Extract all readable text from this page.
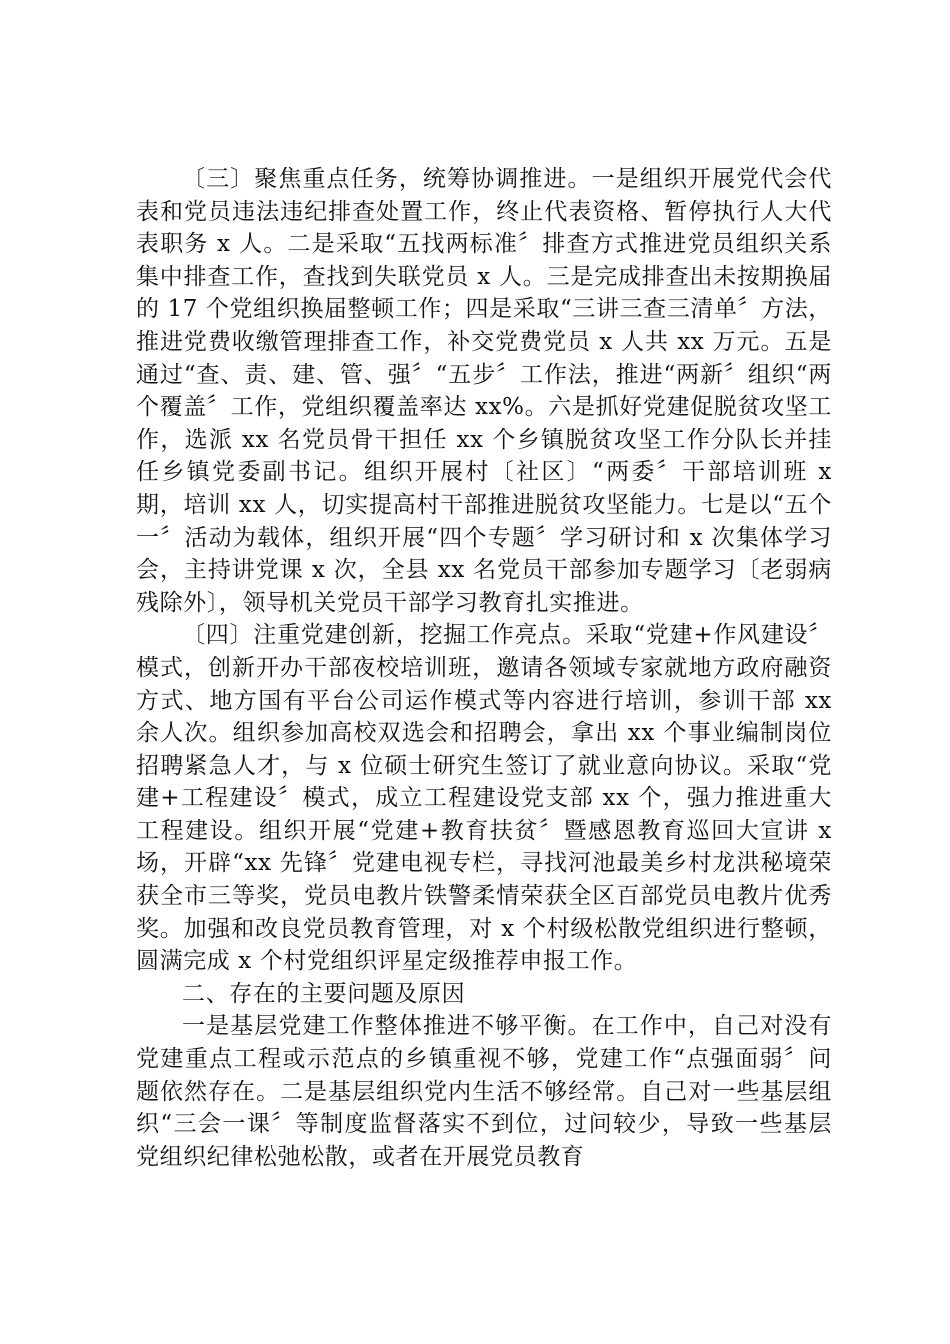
〔三〕聚焦重点任务，统筹协调推进。一是组织开展党代会代表和党员违法违纪排查处置工作，终止代表资格、暂停执行人大代表职务 x 人。二是采取“五找两标准〞排查方式推进党员组织关系集中排查工作，查找到失联党员 x 人。三是完成排查出未按期换届的 17 个党组织换届整顿工作；四是采取“三讲三查三清单〞方法，推进党费收缴管理排查工作，补交党费党员 x 人共 xx 万元。五是通过“查、责、建、管、强〞“五步〞工作法，推进“两新〞组织“两个覆盖〞工作，党组织覆盖率达 xx%。六是抓好党建促脱贫攻坚工作，选派 xx 名党员骨干担任 xx 个乡镇脱贫攻坚工作分队长并挂任乡镇党委副书记。组织开展村〔社区〕“两委〞干部培训班 x 期，培训 xx 人，切实提高村干部推进脱贫攻坚能力。七是以“五个一〞活动为载体，组织开展“四个专题〞学习研讨和 x 次集体学习会，主持讲党课 x 次，全县 xx 名党员干部参加专题学习〔老弱病残除外〕，领导机关党员干部学习教育扎实推进。

〔四〕注重党建创新，挖掘工作亮点。采取“党建+作风建设〞模式，创新开办干部夜校培训班，邀请各领域专家就地方政府融资方式、地方国有平台公司运作模式等内容进行培训，参训干部 xx 余人次。组织参加高校双选会和招聘会，拿出 xx 个事业编制岗位招聘紧急人才，与 x 位硕士研究生签订了就业意向协议。采取“党建+工程建设〞模式，成立工程建设党支部 xx 个，强力推进重大工程建设。组织开展“党建+教育扶贫〞暨感恩教育巡回大宣讲 x 场，开辟“xx 先锋〞党建电视专栏，寻找河池最美乡村龙洪秘境荣获全市三等奖，党员电教片铁警柔情荣获全区百部党员电教片优秀奖。加强和改良党员教育管理，对 x 个村级松散党组织进行整顿，圆满完成 x 个村党组织评星定级推荐申报工作。

二、存在的主要问题及原因

一是基层党建工作整体推进不够平衡。在工作中，自己对没有党建重点工程或示范点的乡镇重视不够，党建工作“点强面弱〞问题依然存在。二是基层组织党内生活不够经常。自己对一些基层组织“三会一课〞等制度监督落实不到位，过问较少，导致一些基层党组织纪律松弛松散，或者在开展党员教育
